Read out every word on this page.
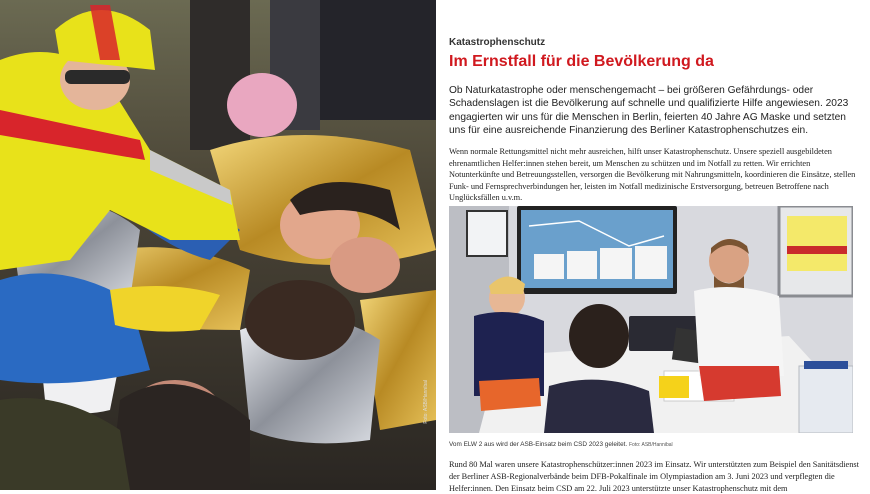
Foto: ASB/Hannibal
Katastrophenschutz
Im Ernstfall für die Bevölkerung da
Ob Naturkatastrophe oder menschengemacht – bei größeren Gefährdungs- oder Schadenslagen ist die Bevölkerung auf schnelle und qualifizierte Hilfe angewiesen. 2023 engagierten wir uns für die Menschen in Berlin, feierten 40 Jahre AG Maske und setzten uns für eine ausreichende Finanzierung des Berliner Katastrophenschutzes ein.
Wenn normale Rettungsmittel nicht mehr ausreichen, hilft unser Katastrophenschutz. Unsere speziell ausgebildeten ehrenamtlichen Helfer:innen stehen bereit, um Menschen zu schützen und im Notfall zu retten. Wir errichten Notunterkünfte und Betreuungsstellen, versorgen die Bevölkerung mit Nahrungsmitteln, koordinieren die Einsätze, stellen Funk- und Fernsprechverbindungen her, leisten im Notfall medizinische Erstversorgung, betreuen Betroffene nach Unglücksfällen u.v.m.
Vom ELW 2 aus wird der ASB-Einsatz beim CSD 2023 geleitet. Foto: ASB/Hannibal
Rund 80 Mal waren unsere Katastrophenschützer:innen 2023 im Einsatz. Wir unterstützten zum Beispiel den Sanitätsdienst der Berliner ASB-Regionalverbände beim DFB-Pokalfinale im Olympiastadion am 3. Juni 2023 und verpflegten die Helfer:innen. Den Einsatz beim CSD am 22. Juli 2023 unterstützte unser Katastrophenschutz mit dem
